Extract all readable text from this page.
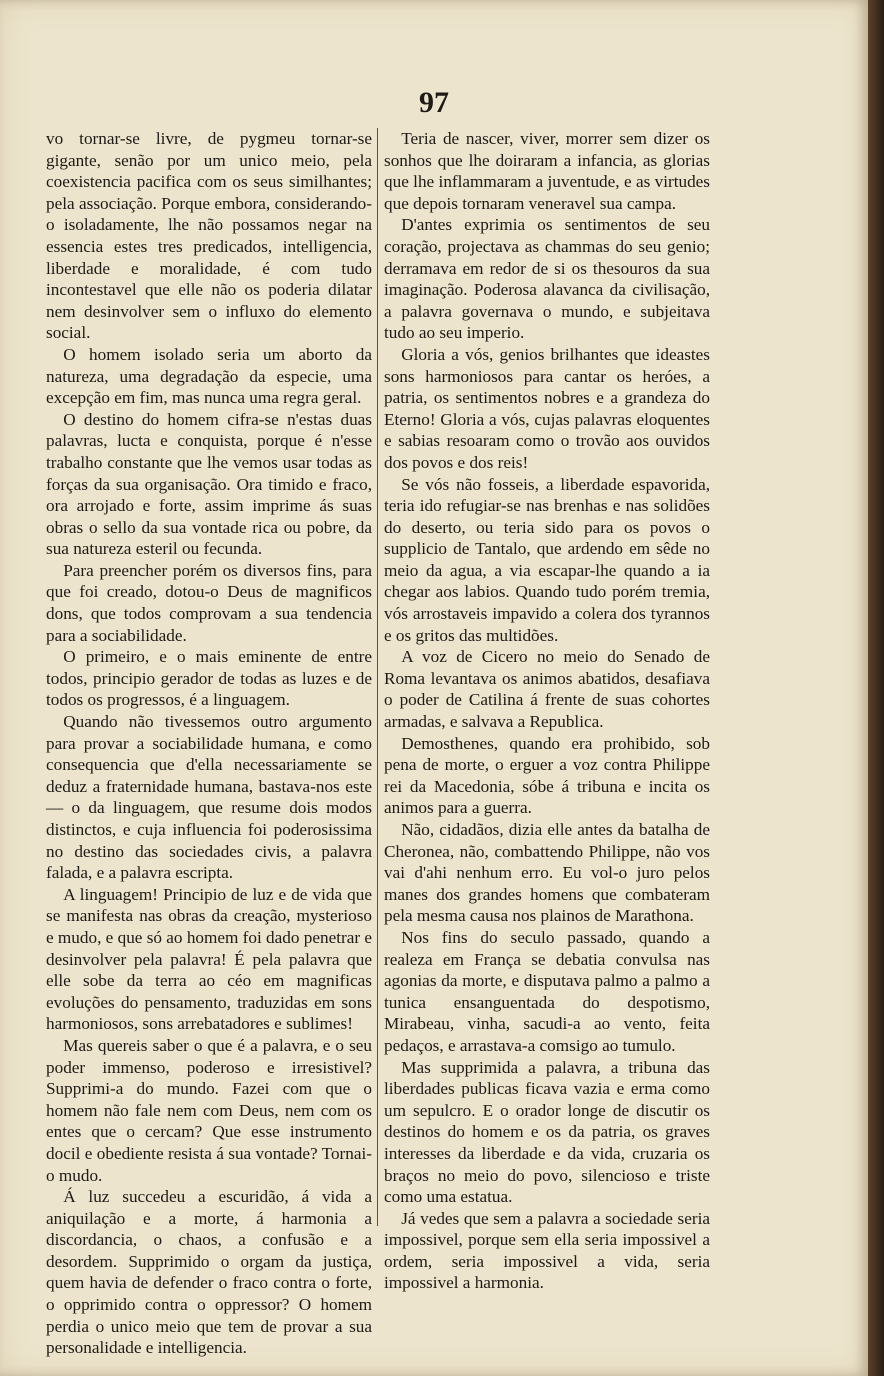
97

vo tornar-se livre, de pygmeu tornar-se gigante, senão por um unico meio, pela coexistencia pacifica com os seus similhantes; pela associação. Porque embora, considerando-o isoladamente, lhe não possamos negar na essencia estes tres predicados, intelligencia, liberdade e moralidade, é com tudo incontestavel que elle não os poderia dilatar nem desinvolver sem o influxo do elemento social.

O homem isolado seria um aborto da natureza, uma degradação da especie, uma excepção em fim, mas nunca uma regra geral.

O destino do homem cifra-se n'estas duas palavras, lucta e conquista, porque é n'esse trabalho constante que lhe vemos usar todas as forças da sua organisação. Ora timido e fraco, ora arrojado e forte, assim imprime ás suas obras o sello da sua vontade rica ou pobre, da sua natureza esteril ou fecunda.

Para preencher porém os diversos fins, para que foi creado, dotou-o Deus de magnificos dons, que todos comprovam a sua tendencia para a sociabilidade.

O primeiro, e o mais eminente de entre todos, principio gerador de todas as luzes e de todos os progressos, é a linguagem.

Quando não tivessemos outro argumento para provar a sociabilidade humana, e como consequencia que d'ella necessariamente se deduz a fraternidade humana, bastava-nos este — o da linguagem, que resume dois modos distinctos, e cuja influencia foi poderosissima no destino das sociedades civis, a palavra falada, e a palavra escripta.

A linguagem! Principio de luz e de vida que se manifesta nas obras da creação, mysterioso e mudo, e que só ao homem foi dado penetrar e desinvolver pela palavra! É pela palavra que elle sobe da terra ao céo em magnificas evoluções do pensamento, traduzidas em sons harmoniosos, sons arrebatadores e sublimes!

Mas quereis saber o que é a palavra, e o seu poder immenso, poderoso e irresistivel? Supprimi-a do mundo. Fazei com que o homem não fale nem com Deus, nem com os entes que o cercam? Que esse instrumento docil e obediente resista á sua vontade? Tornai-o mudo.

Á luz succedeu a escuridão, á vida a aniquilação e a morte, á harmonia a discordancia, o chaos, a confusão e a desordem. Supprimido o orgam da justiça, quem havia de defender o fraco contra o forte, o opprimido contra o oppressor? O homem perdia o unico meio que tem de provar a sua personalidade e intelligencia.

Teria de nascer, viver, morrer sem dizer os sonhos que lhe doiraram a infancia, as glorias que lhe inflammaram a juventude, e as virtudes que depois tornaram veneravel sua campa.

D'antes exprimia os sentimentos de seu coração, projectava as chammas do seu genio; derramava em redor de si os thesouros da sua imaginação. Poderosa alavanca da civilisação, a palavra governava o mundo, e subjeitava tudo ao seu imperio.

Gloria a vós, genios brilhantes que ideastes sons harmoniosos para cantar os heróes, a patria, os sentimentos nobres e a grandeza do Eterno! Gloria a vós, cujas palavras eloquentes e sabias resoaram como o trovão aos ouvidos dos povos e dos reis!

Se vós não fosseis, a liberdade espavorida, teria ido refugiar-se nas brenhas e nas solidões do deserto, ou teria sido para os povos o supplicio de Tantalo, que ardendo em sêde no meio da agua, a via escapar-lhe quando a ia chegar aos labios. Quando tudo porém tremia, vós arrostaveis impavido a colera dos tyrannos e os gritos das multidões.

A voz de Cicero no meio do Senado de Roma levantava os animos abatidos, desafiava o poder de Catilina á frente de suas cohortes armadas, e salvava a Republica.

Demosthenes, quando era prohibido, sob pena de morte, o erguer a voz contra Philippe rei da Macedonia, sóbe á tribuna e incita os animos para a guerra.

Não, cidadãos, dizia elle antes da batalha de Cheronea, não, combattendo Philippe, não vos vai d'ahi nenhum erro. Eu vol-o juro pelos manes dos grandes homens que combateram pela mesma causa nos plainos de Marathona.

Nos fins do seculo passado, quando a realeza em França se debatia convulsa nas agonias da morte, e disputava palmo a palmo a tunica ensanguentada do despotismo, Mirabeau, vinha, sacudi-a ao vento, feita pedaços, e arrastava-a comsigo ao tumulo.

Mas supprimida a palavra, a tribuna das liberdades publicas ficava vazia e erma como um sepulcro. E o orador longe de discutir os destinos do homem e os da patria, os graves interesses da liberdade e da vida, cruzaria os braços no meio do povo, silencioso e triste como uma estatua.

Já vedes que sem a palavra a sociedade seria impossivel, porque sem ella seria impossivel a ordem, seria impossivel a vida, seria impossivel a harmonia.
